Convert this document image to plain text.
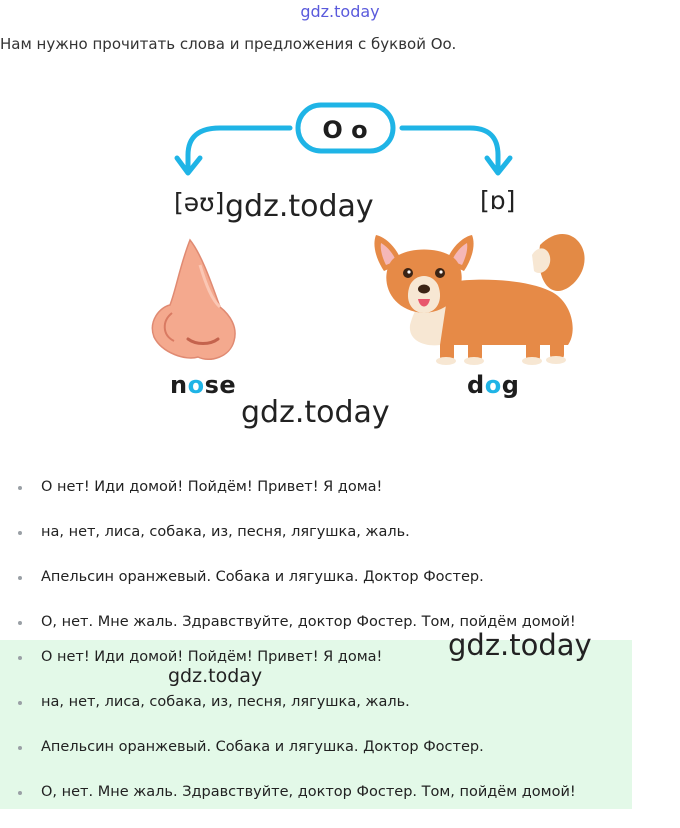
gdz.today
Нам нужно прочитать слова и предложения с буквой Oo.
O o
[əʊ]	[ɒ]
nose	dog
gdz.today
gdz.today
О нет! Иди домой! Пойдём! Привет! Я дома!
на, нет, лиса, собака, из, песня, лягушка, жаль.
Апельсин оранжевый. Собака и лягушка. Доктор Фостер.
О, нет. Мне жаль. Здравствуйте, доктор Фостер. Том, пойдём домой!
О нет! Иди домой! Пойдём! Привет! Я дома!
на, нет, лиса, собака, из, песня, лягушка, жаль.
Апельсин оранжевый. Собака и лягушка. Доктор Фостер.
О, нет. Мне жаль. Здравствуйте, доктор Фостер. Том, пойдём домой!
gdz.today
gdz.today
